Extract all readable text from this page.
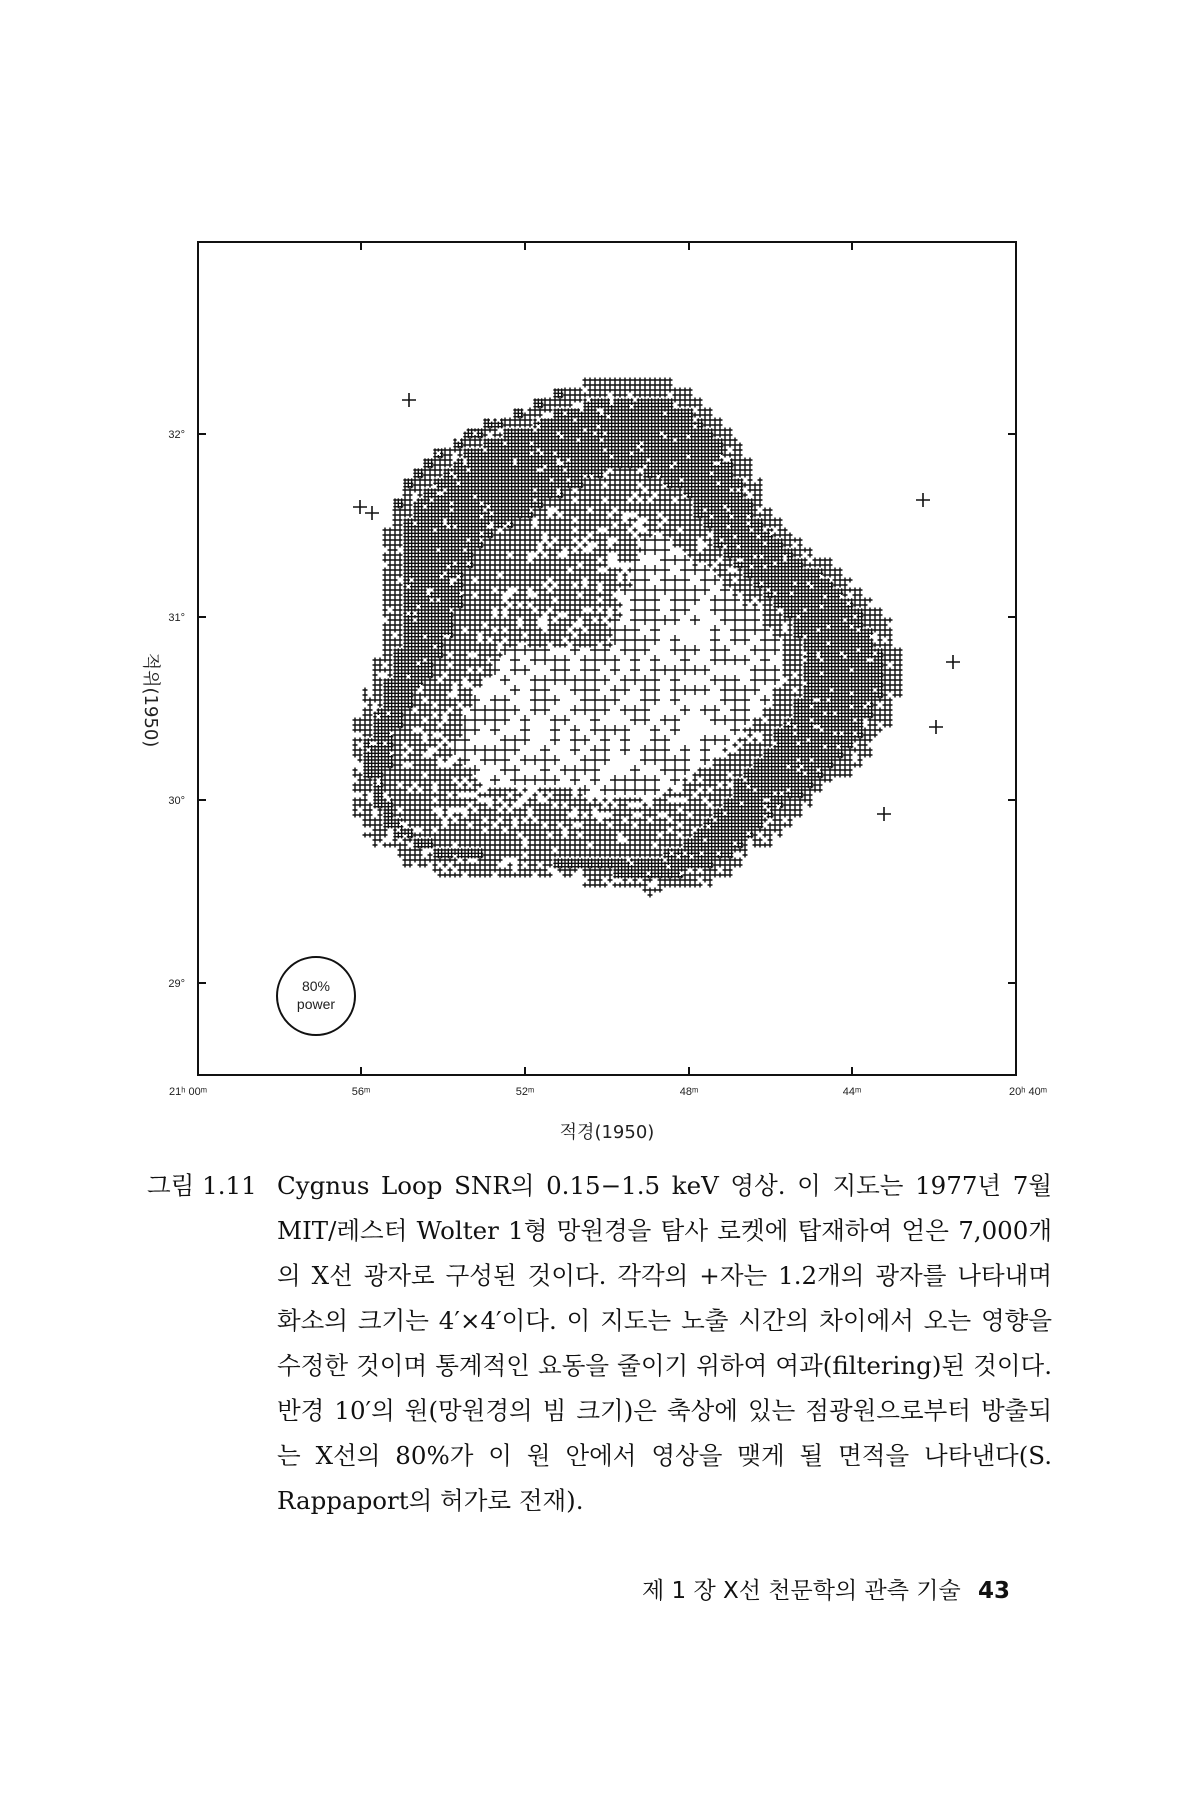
21ʰ 00ᵐ	56ᵐ	52ᵐ	48ᵐ	44ᵐ	20ʰ 40ᵐ
32°
31°
30°
29°	80%
power
적경(1950)
적위(1950)
그림 1.11 Cygnus Loop SNR의 0.15−1.5 keV 영상. 이 지도는 1977년 7월 MIT/레스터 Wolter 1형 망원경을 탐사 로켓에 탑재하여 얻은 7,000개의 X선 광자로 구성된 것이다. 각각의 +자는 1.2개의 광자를 나타내며 화소의 크기는 4′×4′이다. 이 지도는 노출 시간의 차이에서 오는 영향을 수정한 것이며 통계적인 요동을 줄이기 위하여 여과(filtering)된 것이다. 반경 10′의 원(망원경의 빔 크기)은 축상에 있는 점광원으로부터 방출되는 X선의 80%가 이 원 안에서 영상을 맺게 될 면적을 나타낸다(S. Rappaport의 허가로 전재).
제 1 장 X선 천문학의 관측 기술 43
